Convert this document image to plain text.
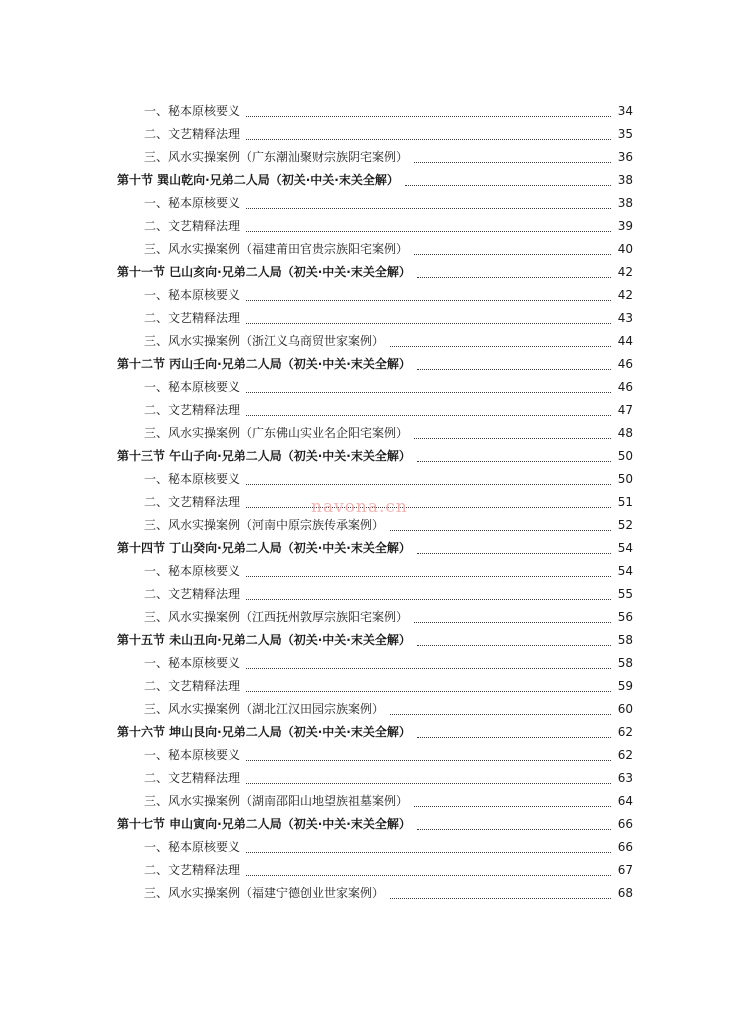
一、秘本原核要义	34
二、文艺精释法理	35
三、风水实操案例（广东潮汕聚财宗族阴宅案例）	36
第十节 巽山乾向·兄弟二人局（初关·中关·末关全解）	38
一、秘本原核要义	38
二、文艺精释法理	39
三、风水实操案例（福建莆田官贵宗族阳宅案例）	40
第十一节 巳山亥向·兄弟二人局（初关·中关·末关全解）	42
一、秘本原核要义	42
二、文艺精释法理	43
三、风水实操案例（浙江义乌商贸世家案例）	44
第十二节 丙山壬向·兄弟二人局（初关·中关·末关全解）	46
一、秘本原核要义	46
二、文艺精释法理	47
三、风水实操案例（广东佛山实业名企阳宅案例）	48
第十三节 午山子向·兄弟二人局（初关·中关·末关全解）	50
一、秘本原核要义	50
二、文艺精释法理	51
三、风水实操案例（河南中原宗族传承案例）	52
第十四节 丁山癸向·兄弟二人局（初关·中关·末关全解）	54
一、秘本原核要义	54
二、文艺精释法理	55
三、风水实操案例（江西抚州敦厚宗族阳宅案例）	56
第十五节 未山丑向·兄弟二人局（初关·中关·末关全解）	58
一、秘本原核要义	58
二、文艺精释法理	59
三、风水实操案例（湖北江汉田园宗族案例）	60
第十六节 坤山艮向·兄弟二人局（初关·中关·末关全解）	62
一、秘本原核要义	62
二、文艺精释法理	63
三、风水实操案例（湖南邵阳山地望族祖墓案例）	64
第十七节 申山寅向·兄弟二人局（初关·中关·末关全解）	66
一、秘本原核要义	66
二、文艺精释法理	67
三、风水实操案例（福建宁德创业世家案例）	68
navona.cn
